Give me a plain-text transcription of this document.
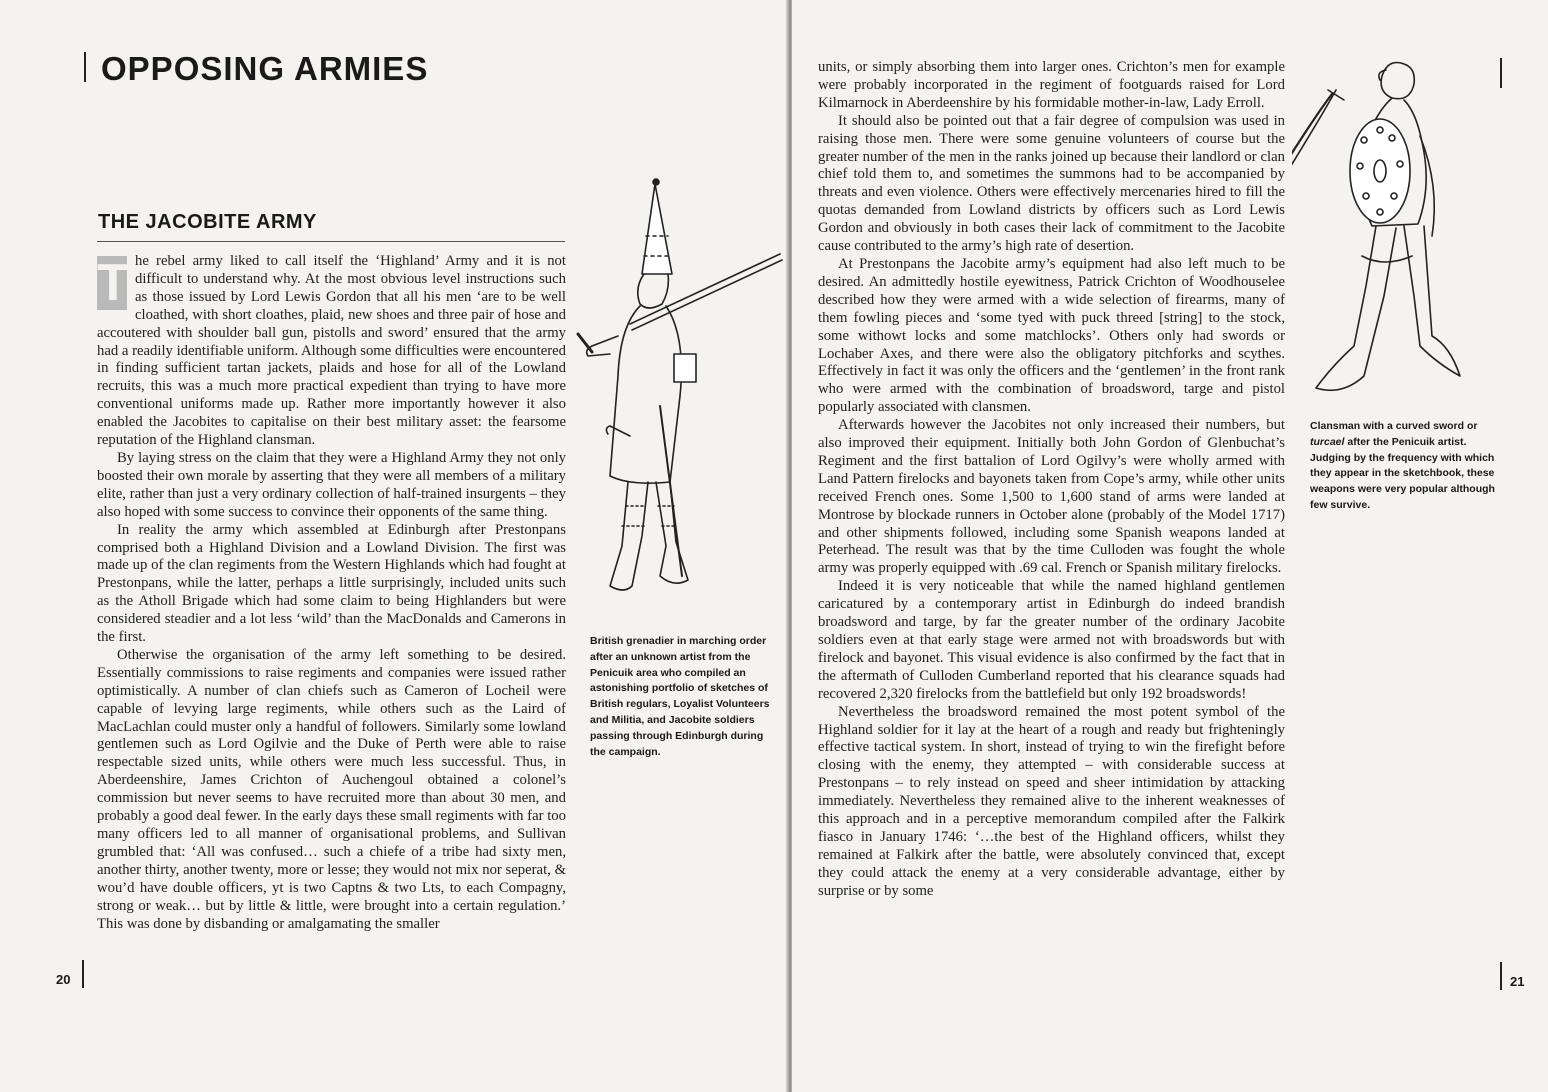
OPPOSING ARMIES
THE JACOBITE ARMY

T he rebel army liked to call itself the ‘Highland’ Army and it is not difficult to understand why. At the most obvious level instructions such as those issued by Lord Lewis Gordon that all his men ‘are to be well cloathed, with short cloathes, plaid, new shoes and three pair of hose and accoutered with shoulder ball gun, pistolls and sword’ ensured that the army had a readily identifiable uniform. Although some difficulties were encountered in finding sufficient tartan jackets, plaids and hose for all of the Lowland recruits, this was a much more practical expedient than trying to have more conventional uniforms made up. Rather more importantly however it also enabled the Jacobites to capitalise on their best military asset: the fearsome reputation of the Highland clansman.

By laying stress on the claim that they were a Highland Army they not only boosted their own morale by asserting that they were all members of a military elite, rather than just a very ordinary collection of half-trained insurgents – they also hoped with some success to convince their opponents of the same thing.

In reality the army which assembled at Edinburgh after Prestonpans comprised both a Highland Division and a Lowland Division. The first was made up of the clan regiments from the Western Highlands which had fought at Prestonpans, while the latter, perhaps a little surprisingly, included units such as the Atholl Brigade which had some claim to being Highlanders but were considered steadier and a lot less ‘wild’ than the MacDonalds and Camerons in the first.

Otherwise the organisation of the army left something to be desired. Essentially commissions to raise regiments and companies were issued rather optimistically. A number of clan chiefs such as Cameron of Locheil were capable of levying large regiments, while others such as the Laird of MacLachlan could muster only a handful of followers. Similarly some lowland gentlemen such as Lord Ogilvie and the Duke of Perth were able to raise respectable sized units, while others were much less successful. Thus, in Aberdeenshire, James Crichton of Auchengoul obtained a colonel’s commission but never seems to have recruited more than about 30 men, and probably a good deal fewer. In the early days these small regiments with far too many officers led to all manner of organisational problems, and Sullivan grumbled that: ‘All was confused… such a chiefe of a tribe had sixty men, another thirty, another twenty, more or lesse; they would not mix nor seperat, & wou’d have double officers, yt is two Captns & two Lts, to each Compagny, strong or weak… but by little & little, were brought into a certain regulation.’ This was done by disbanding or amalgamating the smaller

British grenadier in marching order after an unknown artist from the Penicuik area who compiled an astonishing portfolio of sketches of British regulars, Loyalist Volunteers and Militia, and Jacobite soldiers passing through Edinburgh during the campaign.

20

units, or simply absorbing them into larger ones. Crichton’s men for example were probably incorporated in the regiment of footguards raised for Lord Kilmarnock in Aberdeenshire by his formidable mother-in-law, Lady Erroll.

It should also be pointed out that a fair degree of compulsion was used in raising those men. There were some genuine volunteers of course but the greater number of the men in the ranks joined up because their landlord or clan chief told them to, and sometimes the summons had to be accompanied by threats and even violence. Others were effectively mercenaries hired to fill the quotas demanded from Lowland districts by officers such as Lord Lewis Gordon and obviously in both cases their lack of commitment to the Jacobite cause contributed to the army’s high rate of desertion.

At Prestonpans the Jacobite army’s equipment had also left much to be desired. An admittedly hostile eyewitness, Patrick Crichton of Woodhouselee described how they were armed with a wide selection of firearms, many of them fowling pieces and ‘some tyed with puck threed [string] to the stock, some withowt locks and some matchlocks’. Others only had swords or Lochaber Axes, and there were also the obligatory pitchforks and scythes. Effectively in fact it was only the officers and the ‘gentlemen’ in the front rank who were armed with the combination of broadsword, targe and pistol popularly associated with clansmen.

Afterwards however the Jacobites not only increased their numbers, but also improved their equipment. Initially both John Gordon of Glenbuchat’s Regiment and the first battalion of Lord Ogilvy’s were wholly armed with Land Pattern firelocks and bayonets taken from Cope’s army, while other units received French ones. Some 1,500 to 1,600 stand of arms were landed at Montrose by blockade runners in October alone (probably of the Model 1717) and other shipments followed, including some Spanish weapons landed at Peterhead. The result was that by the time Culloden was fought the whole army was properly equipped with .69 cal. French or Spanish military firelocks.

Indeed it is very noticeable that while the named highland gentlemen caricatured by a contemporary artist in Edinburgh do indeed brandish broadsword and targe, by far the greater number of the ordinary Jacobite soldiers even at that early stage were armed not with broadswords but with firelock and bayonet. This visual evidence is also confirmed by the fact that in the aftermath of Culloden Cumberland reported that his clearance squads had recovered 2,320 firelocks from the battlefield but only 192 broadswords!

Nevertheless the broadsword remained the most potent symbol of the Highland soldier for it lay at the heart of a rough and ready but frighteningly effective tactical system. In short, instead of trying to win the firefight before closing with the enemy, they attempted – with considerable success at Prestonpans – to rely instead on speed and sheer intimidation by attacking immediately. Nevertheless they remained alive to the inherent weaknesses of this approach and in a perceptive memorandum compiled after the Falkirk fiasco in January 1746: ‘…the best of the Highland officers, whilst they remained at Falkirk after the battle, were absolutely convinced that, except they could attack the enemy at a very considerable advantage, either by surprise or by some

Clansman with a curved sword or turcael after the Penicuik artist. Judging by the frequency with which they appear in the sketchbook, these weapons were very popular although few survive.

21
